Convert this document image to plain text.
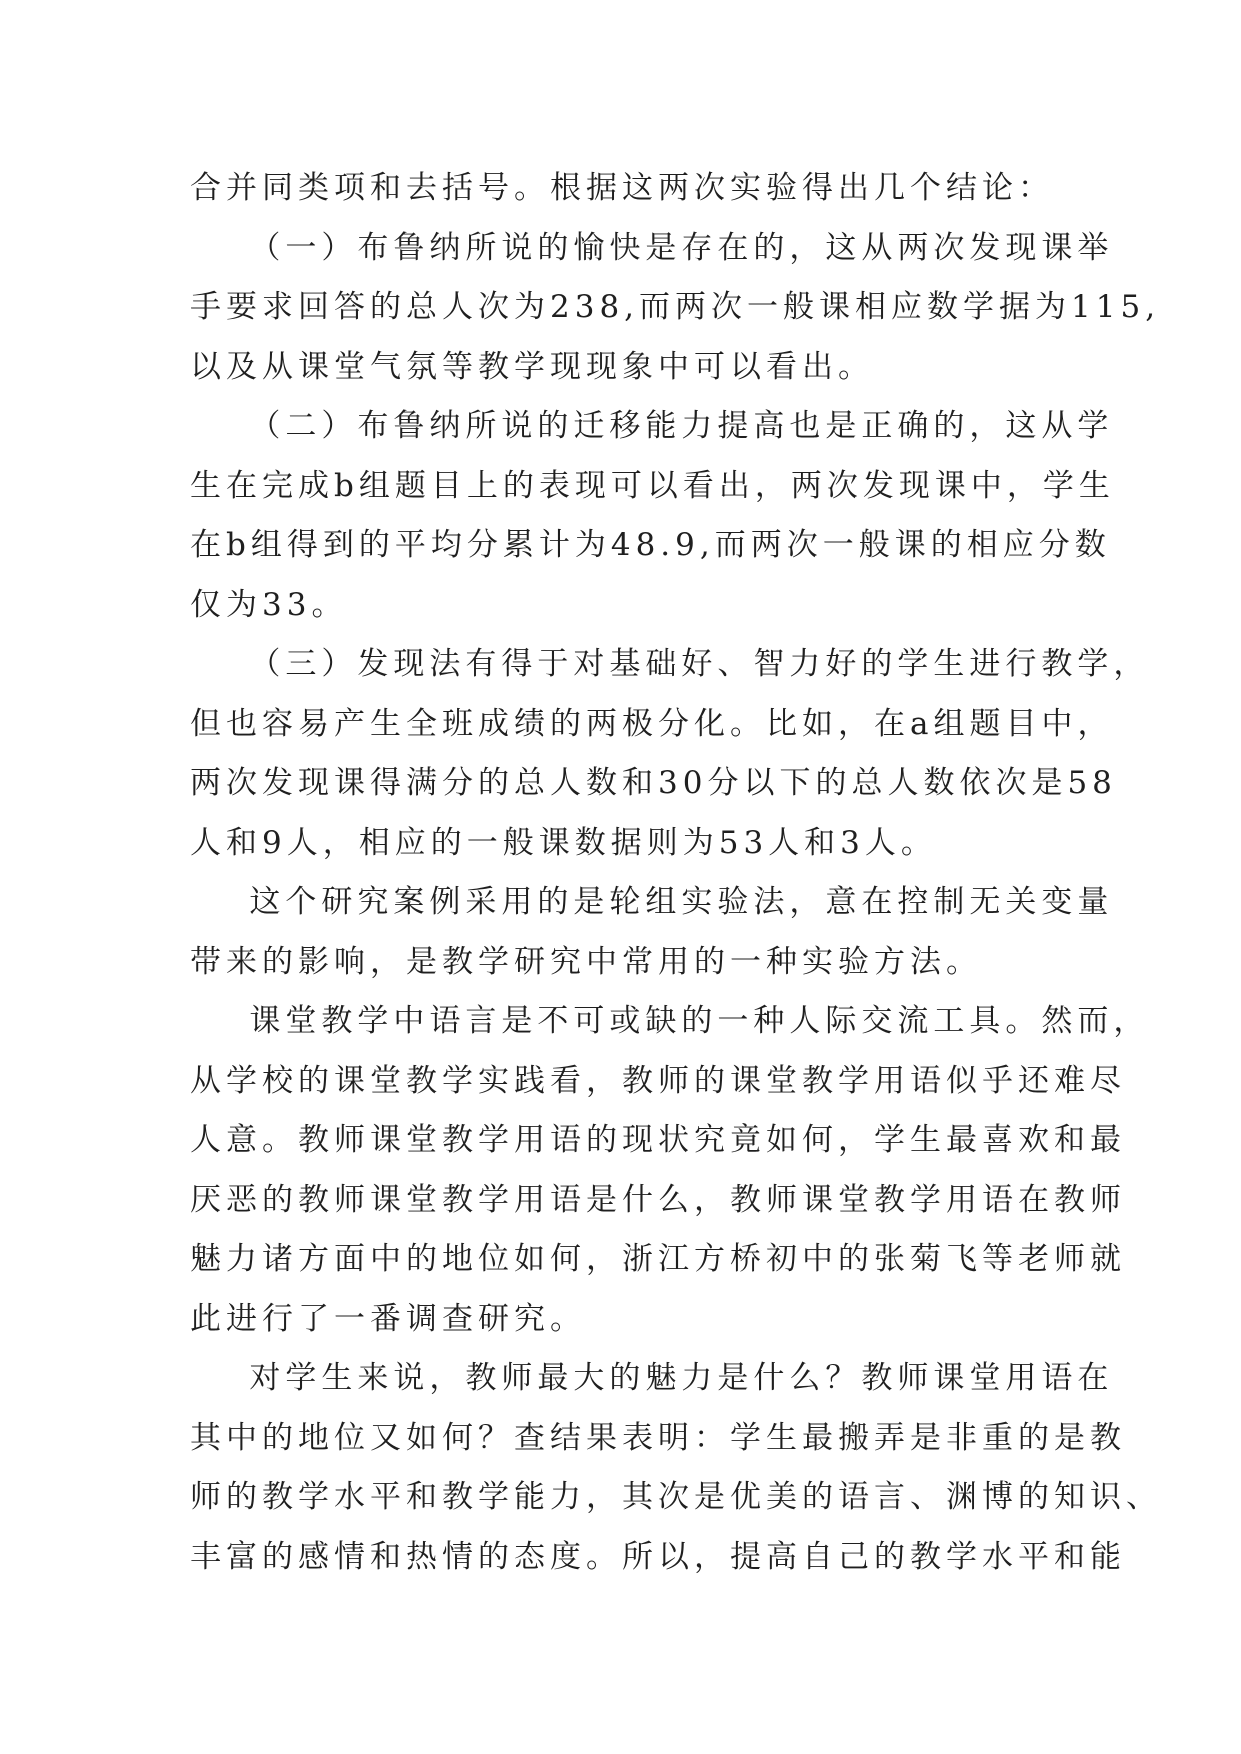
合并同类项和去括号。根据这两次实验得出几个结论：
（一）布鲁纳所说的愉快是存在的，这从两次发现课举
手要求回答的总人次为238,而两次一般课相应数学据为115,
以及从课堂气氛等教学现现象中可以看出。
（二）布鲁纳所说的迁移能力提高也是正确的，这从学
生在完成b组题目上的表现可以看出，两次发现课中，学生
在b组得到的平均分累计为48.9,而两次一般课的相应分数
仅为33。
（三）发现法有得于对基础好、智力好的学生进行教学，
但也容易产生全班成绩的两极分化。比如，在a组题目中，
两次发现课得满分的总人数和30分以下的总人数依次是58
人和9人，相应的一般课数据则为53人和3人。
这个研究案例采用的是轮组实验法，意在控制无关变量
带来的影响，是教学研究中常用的一种实验方法。
课堂教学中语言是不可或缺的一种人际交流工具。然而，
从学校的课堂教学实践看，教师的课堂教学用语似乎还难尽
人意。教师课堂教学用语的现状究竟如何，学生最喜欢和最
厌恶的教师课堂教学用语是什么，教师课堂教学用语在教师
魅力诸方面中的地位如何，浙江方桥初中的张菊飞等老师就
此进行了一番调查研究。
对学生来说，教师最大的魅力是什么？教师课堂用语在
其中的地位又如何？查结果表明：学生最搬弄是非重的是教
师的教学水平和教学能力，其次是优美的语言、渊博的知识、
丰富的感情和热情的态度。所以，提高自己的教学水平和能
